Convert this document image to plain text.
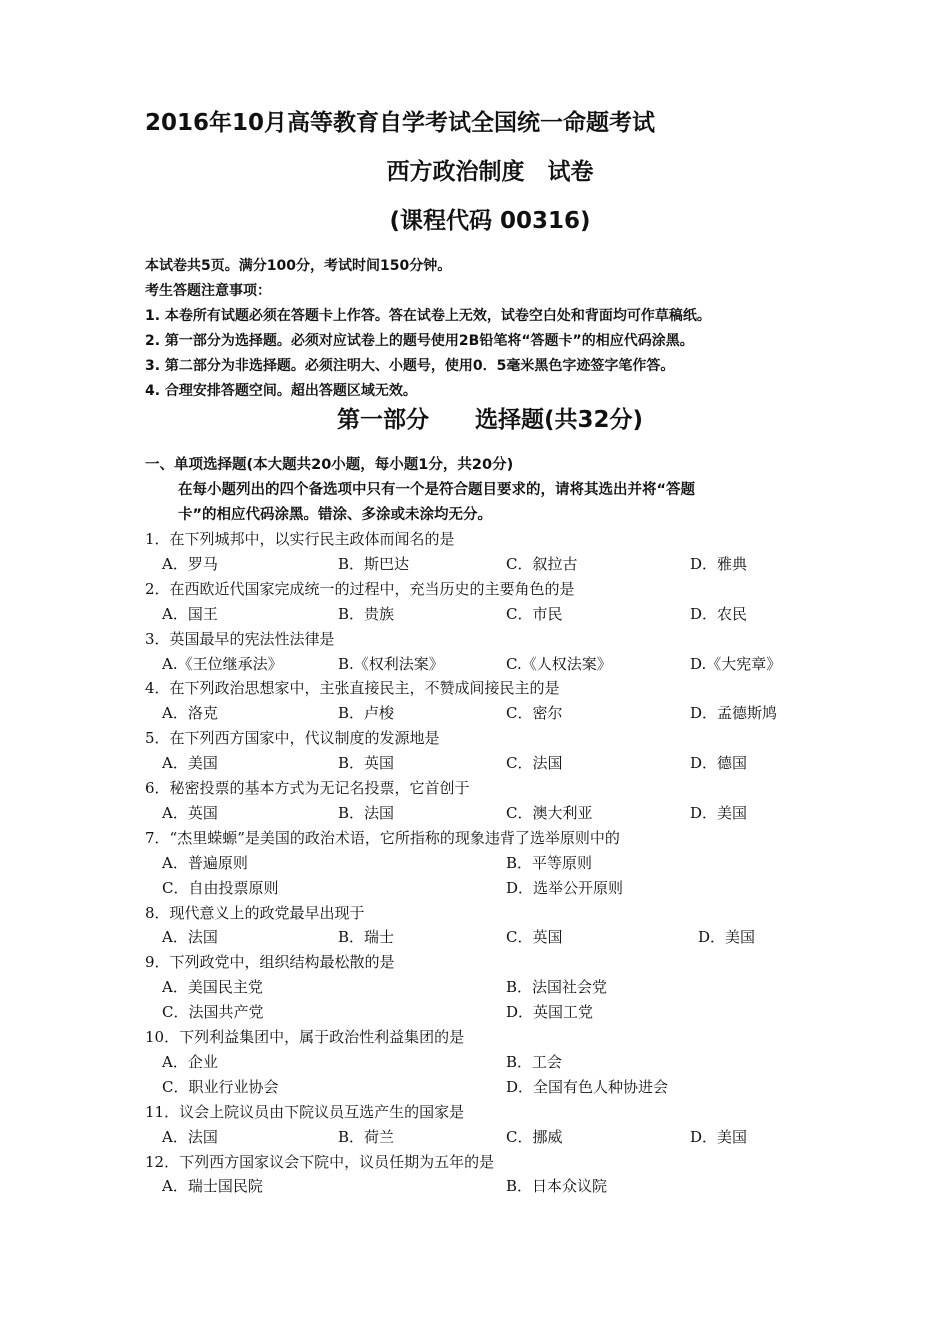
2016年10月高等教育自学考试全国统一命题考试
西方政治制度　试卷
(课程代码 00316)
本试卷共5页。满分100分，考试时间150分钟。
考生答题注意事项：
1. 本卷所有试题必须在答题卡上作答。答在试卷上无效，试卷空白处和背面均可作草稿纸。
2. 第一部分为选择题。必须对应试卷上的题号使用2B铅笔将“答题卡”的相应代码涂黑。
3. 第二部分为非选择题。必须注明大、小题号，使用0．5毫米黑色字迹签字笔作答。
4. 合理安排答题空间。超出答题区域无效。
第一部分　　选择题(共32分)
一、单项选择题(本大题共20小题，每小题1分，共20分)
在每小题列出的四个备选项中只有一个是符合题目要求的，请将其选出并将“答题
卡”的相应代码涂黑。错涂、多涂或未涂均无分。
1．在下列城邦中，以实行民主政体而闻名的是
A．罗马	B．斯巴达	C．叙拉古	D．雅典
2．在西欧近代国家完成统一的过程中，充当历史的主要角色的是
A．国王	B．贵族	C．市民	D．农民
3．英国最早的宪法性法律是
A.《王位继承法》	B.《权利法案》	C.《人权法案》	D.《大宪章》
4．在下列政治思想家中，主张直接民主，不赞成间接民主的是
A．洛克	B．卢梭	C．密尔	D．孟德斯鸠
5．在下列西方国家中，代议制度的发源地是
A．美国	B．英国	C．法国	D．德国
6．秘密投票的基本方式为无记名投票，它首创于
A．英国	B．法国	C．澳大利亚	D．美国
7．“杰里蝾螈”是美国的政治术语，它所指称的现象违背了选举原则中的
A．普遍原则	B．平等原则
C．自由投票原则	D．选举公开原则
8．现代意义上的政党最早出现于
A．法国	B．瑞士	C．英国	D．美国
9．下列政党中，组织结构最松散的是
A．美国民主党	B．法国社会党
C．法国共产党	D．英国工党
10．下列利益集团中，属于政治性利益集团的是
A．企业	B．工会
C．职业行业协会	D．全国有色人种协进会
11．议会上院议员由下院议员互选产生的国家是
A．法国	B．荷兰	C．挪威	D．美国
12．下列西方国家议会下院中，议员任期为五年的是
A．瑞士国民院	B．日本众议院
